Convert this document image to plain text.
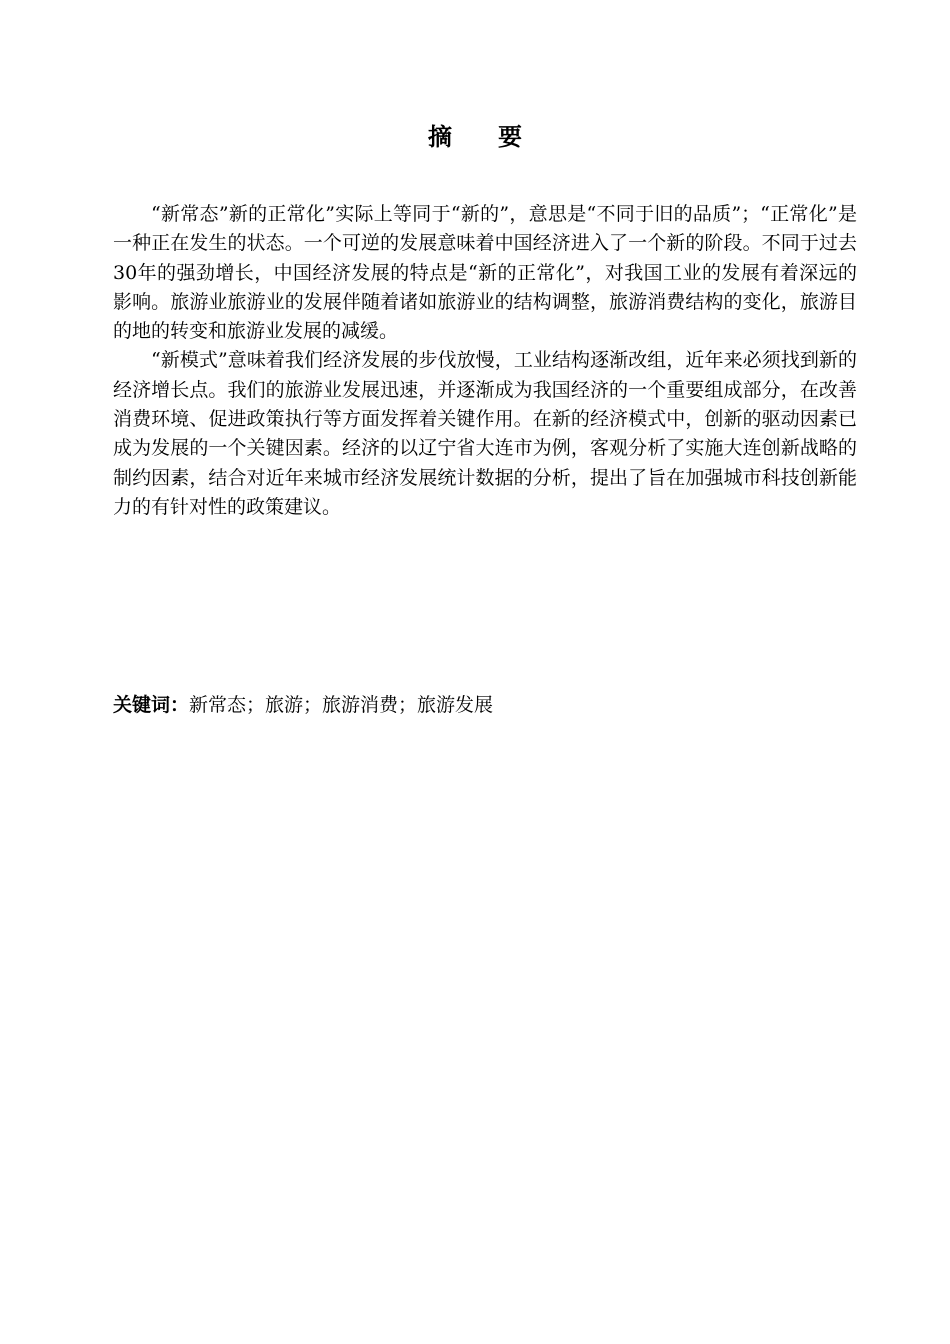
摘要

“新常态”新的正常化”实际上等同于“新的”，意思是“不同于旧的品质”；“正常化”是一种正在发生的状态。一个可逆的发展意味着中国经济进入了一个新的阶段。不同于过去30年的强劲增长，中国经济发展的特点是“新的正常化”，对我国工业的发展有着深远的影响。旅游业旅游业的发展伴随着诸如旅游业的结构调整，旅游消费结构的变化，旅游目的地的转变和旅游业发展的减缓。

“新模式”意味着我们经济发展的步伐放慢，工业结构逐渐改组，近年来必须找到新的经济增长点。我们的旅游业发展迅速，并逐渐成为我国经济的一个重要组成部分，在改善消费环境、促进政策执行等方面发挥着关键作用。在新的经济模式中，创新的驱动因素已成为发展的一个关键因素。经济的以辽宁省大连市为例，客观分析了实施大连创新战略的制约因素，结合对近年来城市经济发展统计数据的分析，提出了旨在加强城市科技创新能力的有针对性的政策建议。

关键词：新常态；旅游；旅游消费；旅游发展
